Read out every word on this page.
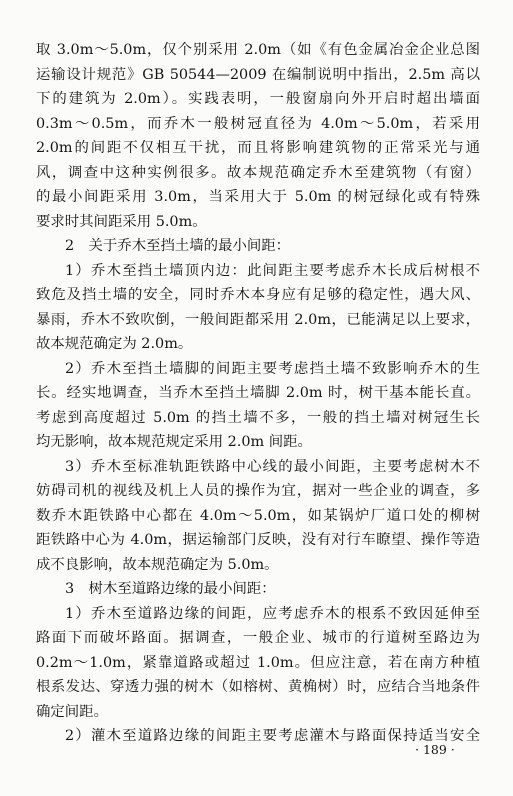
取 3.0m～5.0m，仅个别采用 2.0m（如《有色金属冶金企业总图
运输设计规范》GB 50544—2009 在编制说明中指出，2.5m 高以
下的建筑为 2.0m）。实践表明，一般窗扇向外开启时超出墙面
0.3m～0.5m，而乔木一般树冠直径为 4.0m～5.0m，若采用
2.0m的间距不仅相互干扰，而且将影响建筑物的正常采光与通
风，调查中这种实例很多。故本规范确定乔木至建筑物（有窗）
的最小间距采用 3.0m，当采用大于 5.0m 的树冠绿化或有特殊
要求时其间距采用 5.0m。
2　关于乔木至挡土墙的最小间距：
1）乔木至挡土墙顶内边：此间距主要考虑乔木长成后树根不
致危及挡土墙的安全，同时乔木本身应有足够的稳定性，遇大风、
暴雨，乔木不致吹倒，一般间距都采用 2.0m，已能满足以上要求，
故本规范确定为 2.0m。
2）乔木至挡土墙脚的间距主要考虑挡土墙不致影响乔木的生
长。经实地调查，当乔木至挡土墙脚 2.0m 时，树干基本能长直。
考虑到高度超过 5.0m 的挡土墙不多，一般的挡土墙对树冠生长
均无影响，故本规范规定采用 2.0m 间距。
3）乔木至标准轨距铁路中心线的最小间距，主要考虑树木不
妨碍司机的视线及机上人员的操作为宜，据对一些企业的调查，多
数乔木距铁路中心都在 4.0m～5.0m，如某锅炉厂道口处的柳树
距铁路中心为 4.0m，据运输部门反映，没有对行车瞭望、操作等造
成不良影响，故本规范确定为 5.0m。
3　树木至道路边缘的最小间距：
1）乔木至道路边缘的间距，应考虑乔木的根系不致因延伸至
路面下而破坏路面。据调查，一般企业、城市的行道树至路边为
0.2m～1.0m，紧靠道路或超过 1.0m。但应注意，若在南方种植
根系发达、穿透力强的树木（如榕树、黄桷树）时，应结合当地条件
确定间距。
2）灌木至道路边缘的间距主要考虑灌木与路面保持适当安全
· 189 ·
